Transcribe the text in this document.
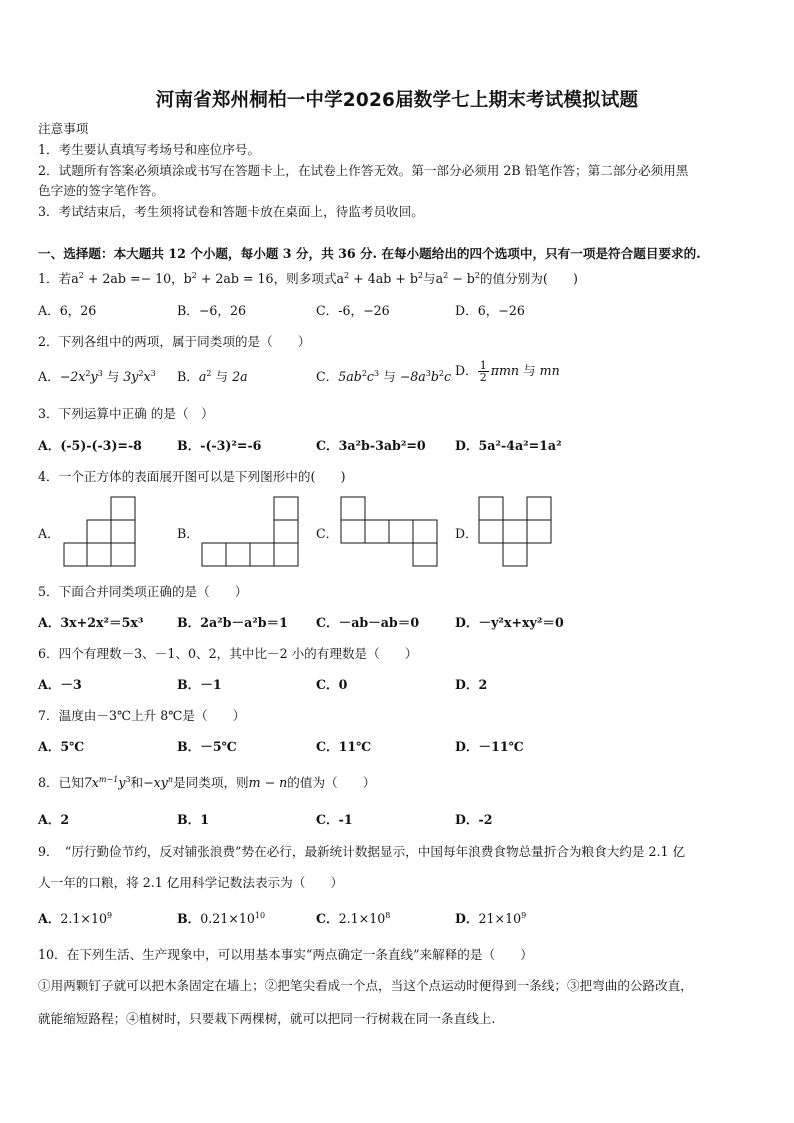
河南省郑州桐柏一中学2026届数学七上期末考试模拟试题
注意事项
1．考生要认真填写考场号和座位序号。
2．试题所有答案必须填涂或书写在答题卡上，在试卷上作答无效。第一部分必须用 2B 铅笔作答；第二部分必须用黑
色字迹的签字笔作答。
3．考试结束后，考生须将试卷和答题卡放在桌面上，待监考员收回。
一、选择题：本大题共 12 个小题，每小题 3 分，共 36 分. 在每小题给出的四个选项中，只有一项是符合题目要求的.
1．若$a^2 + 2ab =- 10$，$b^2 + 2ab = 16$，则多项式$a^2 + 4ab + b^2$与$a^2 - b^2$的值分别为(　　)
A．6，26	B．−6，26	C．-6，−26	D．6，−26
2．下列各组中的两项，属于同类项的是（　　）
A．$-2x^2y^3$ 与 $3y^2x^3$ B．$a^2$ 与 2a	C．$5ab^2c^3$ 与 $-8a^3b^2c$ D． $\frac{1}{2}$ πmn 与 mn
3．下列运算中正确 的是（　）
A．(-5)-(-3)=-8	B．-(-3)²=-6	C．3a²b-3ab²=0 D．5a²-4a²=1a²
4．一个正方体的表面展开图可以是下列图形中的(　　)
A．	B．	C．	D．
5．下面合并同类项正确的是（　　）
A．3x+2x²＝5x³	B．2a²b－a²b＝1 C．－ab－ab＝0	D．－y²x+xy²＝0
6．四个有理数－3、－1、0、2，其中比－2 小的有理数是（　　）
A．－3	B．－1	C．0	D．2
7．温度由－3℃上升 8℃是（　　）
A．5℃	B．－5℃	C．11℃	D．－11℃
8．已知$7x^{m-1}y^3$和$-xy^n$是同类项，则m − n的值为（　　）
A．2	B．1	C．-1	D．-2
9．　“厉行勤俭节约，反对铺张浪费”势在必行，最新统计数据显示，中国每年浪费食物总量折合为粮食大约是 2.1 亿
人一年的口粮，将 2.1 亿用科学记数法表示为（　　）
A．$2.1\times 10^9$	B．$0.21\times 10^{10}$	C．$2.1\times 10^8$	D．$21\times 10^9$
10．在下列生活、生产现象中，可以用基本事实“两点确定一条直线”来解释的是（　　）
①用两颗钉子就可以把木条固定在墙上；②把笔尖看成一个点，当这个点运动时便得到一条线；③把弯曲的公路改直，
就能缩短路程；④植树时，只要栽下两棵树，就可以把同一行树栽在同一条直线上.
